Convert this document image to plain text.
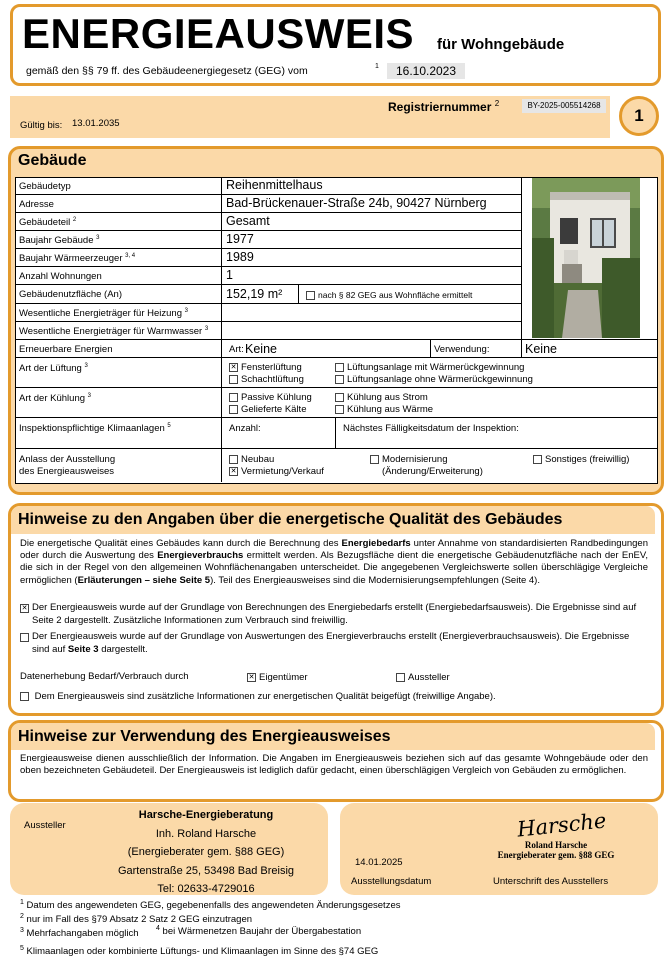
ENERGIEAUSWEIS für Wohngebäude
gemäß den §§ 79 ff. des Gebäudeenergiegesetz (GEG) vom	1	16.10.2023
Gültig bis: 13.01.2035
Registriernummer $^2$	BY-2025-005514268
1
Gebäude
Gebäudetyp	Reihenmittelhaus
Adresse	Bad-Brückenauer-Straße 24b, 90427 Nürnberg
Gebäudeteil $^2$	Gesamt
Baujahr Gebäude $^3$	1977
Baujahr Wärmeerzeuger $^{3, 4}$	1989
Anzahl Wohnungen	1
Gebäudenutzfläche (An)	152,19 m²	nach § 82 GEG aus Wohnfläche ermittelt
Wesentliche Energieträger für Heizung $^3$
Wesentliche Energieträger für Warmwasser $^3$
Erneuerbare Energien	Art: Keine	Verwendung:	Keine
Art der Lüftung $^3$	✕ Fensterlüftung
Schachtlüftung
Lüftungsanlage mit Wärmerückgewinnung
Lüftungsanlage ohne Wärmerückgewinnung
Art der Kühlung $^3$	Passive Kühlung
Gelieferte Kälte
Kühlung aus Strom
Kühlung aus Wärme
Inspektionspflichtige Klimaanlagen $^5$	Anzahl:	Nächstes Fälligkeitsdatum der Inspektion:
Anlass der Ausstellung
des Energieausweises
Neubau
✕ Vermietung/Verkauf
Modernisierung
(Änderung/Erweiterung)
Sonstiges (freiwillig)
Hinweise zu den Angaben über die energetische Qualität des Gebäudes
Die energetische Qualität eines Gebäudes kann durch die Berechnung des Energiebedarfs unter Annahme von standardisierten Randbedingungen oder durch die Auswertung des Energieverbrauchs ermittelt werden. Als Bezugsfläche dient die energetische Gebäudenutzfläche nach der EnEV, die sich in der Regel von den allgemeinen Wohnflächenangaben unterscheidet. Die angegebenen Vergleichswerte sollen überschlägige Vergleiche ermöglichen (Erläuterungen – siehe Seite 5). Teil des Energieausweises sind die Modernisierungsempfehlungen (Seite 4).
✕ Der Energieausweis wurde auf der Grundlage von Berechnungen des Energiebedarfs erstellt (Energiebedarfsausweis). Die Ergebnisse sind auf Seite 2 dargestellt. Zusätzliche Informationen zum Verbrauch sind freiwillig.
Der Energieausweis wurde auf der Grundlage von Auswertungen des Energieverbrauchs erstellt (Energieverbrauchsausweis). Die Ergebnisse sind auf Seite 3 dargestellt.
Datenerhebung Bedarf/Verbrauch durch	✕ Eigentümer	Aussteller
Dem Energieausweis sind zusätzliche Informationen zur energetischen Qualität beigefügt (freiwillige Angabe).
Hinweise zur Verwendung des Energieausweises
Energieausweise dienen ausschließlich der Information. Die Angaben im Energieausweis beziehen sich auf das gesamte Wohngebäude oder den oben bezeichneten Gebäudeteil. Der Energieausweis ist lediglich dafür gedacht, einen überschlägigen Vergleich von Gebäuden zu ermöglichen.
Aussteller
Harsche-Energieberatung
Inh. Roland Harsche
(Energieberater gem. §88 GEG)
Gartenstraße 25, 53498 Bad Breisig
Tel: 02633-4729016
14.01.2025
Ausstellungsdatum
Harsche
Roland Harsche
Energieberater gem. §88 GEG
Unterschrift des Ausstellers
$^1$ Datum des angewendeten GEG, gegebenenfalls des angewendeten Änderungsgesetzes
$^2$ nur im Fall des §79 Absatz 2 Satz 2 GEG einzutragen
$^3$ Mehrfachangaben möglich $^4$ bei Wärmenetzen Baujahr der Übergabestation
$^5$ Klimaanlagen oder kombinierte Lüftungs- und Klimaanlagen im Sinne des §74 GEG
